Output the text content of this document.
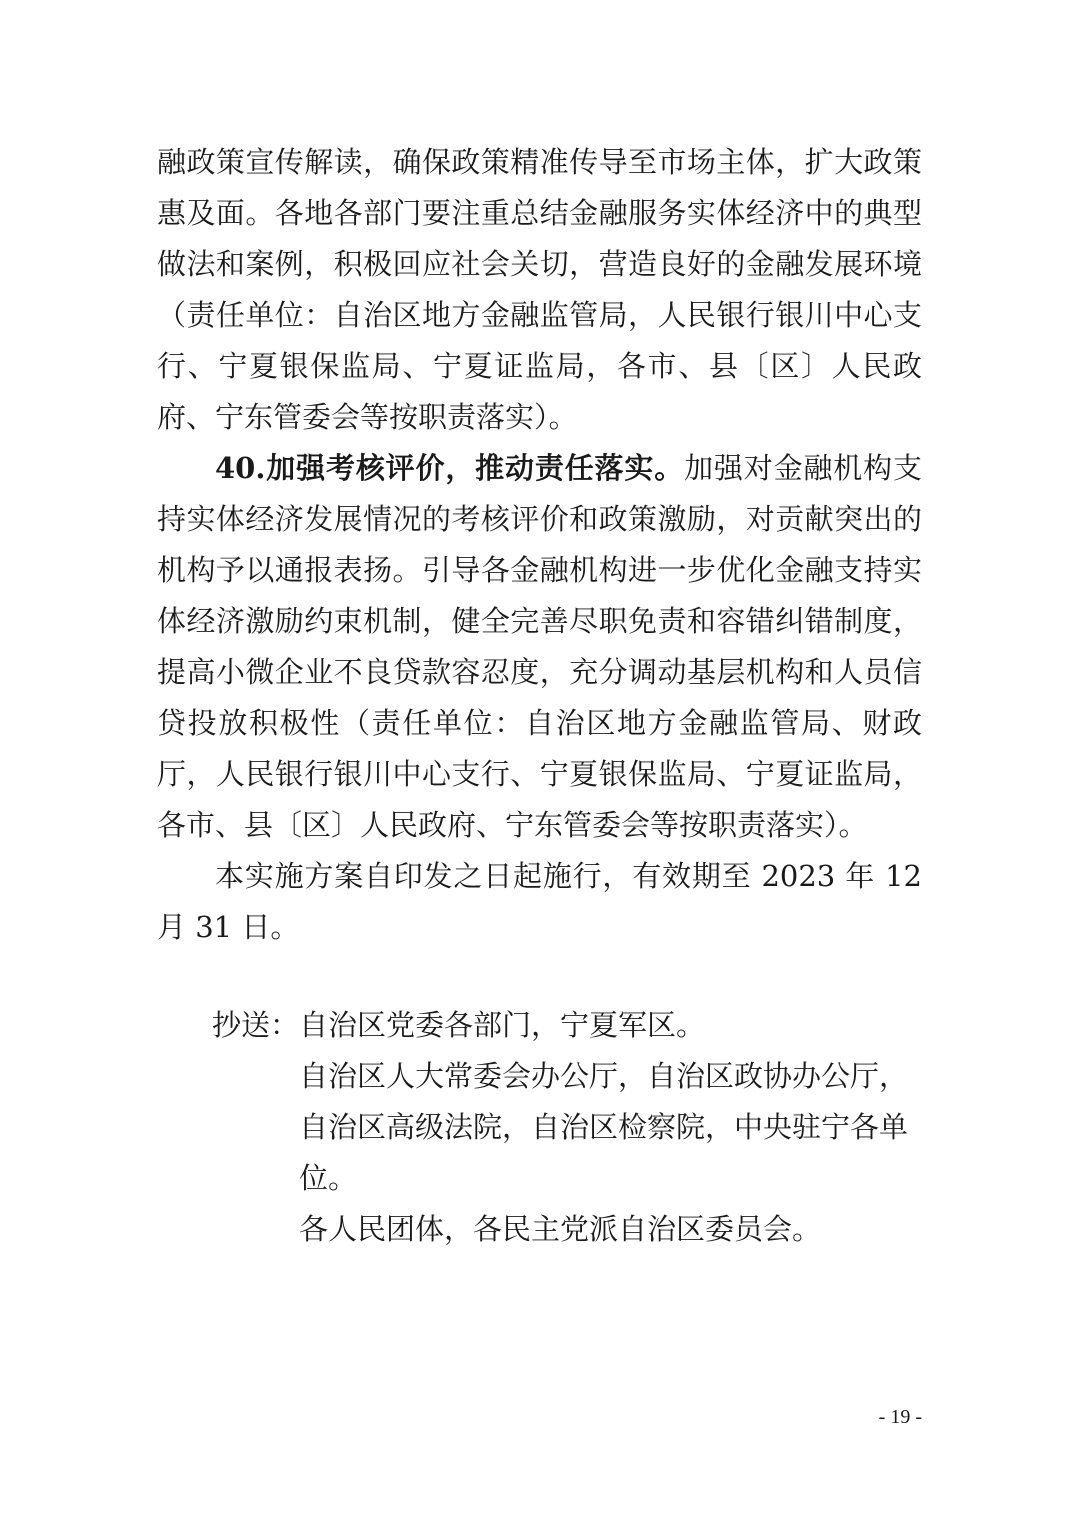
融政策宣传解读，确保政策精准传导至市场主体，扩大政策惠及面。各地各部门要注重总结金融服务实体经济中的典型做法和案例，积极回应社会关切，营造良好的金融发展环境（责任单位：自治区地方金融监管局，人民银行银川中心支行、宁夏银保监局、宁夏证监局，各市、县〔区〕人民政府、宁东管委会等按职责落实）。

40.加强考核评价，推动责任落实。加强对金融机构支持实体经济发展情况的考核评价和政策激励，对贡献突出的机构予以通报表扬。引导各金融机构进一步优化金融支持实体经济激励约束机制，健全完善尽职免责和容错纠错制度，提高小微企业不良贷款容忍度，充分调动基层机构和人员信贷投放积极性（责任单位：自治区地方金融监管局、财政厅，人民银行银川中心支行、宁夏银保监局、宁夏证监局，各市、县〔区〕人民政府、宁东管委会等按职责落实）。

本实施方案自印发之日起施行，有效期至 2023 年 12 月 31 日。

抄送： 自治区党委各部门，宁夏军区。
自治区人大常委会办公厅，自治区政协办公厅，自治区高级法院，自治区检察院，中央驻宁各单位。
各人民团体，各民主党派自治区委员会。
- 19 -
